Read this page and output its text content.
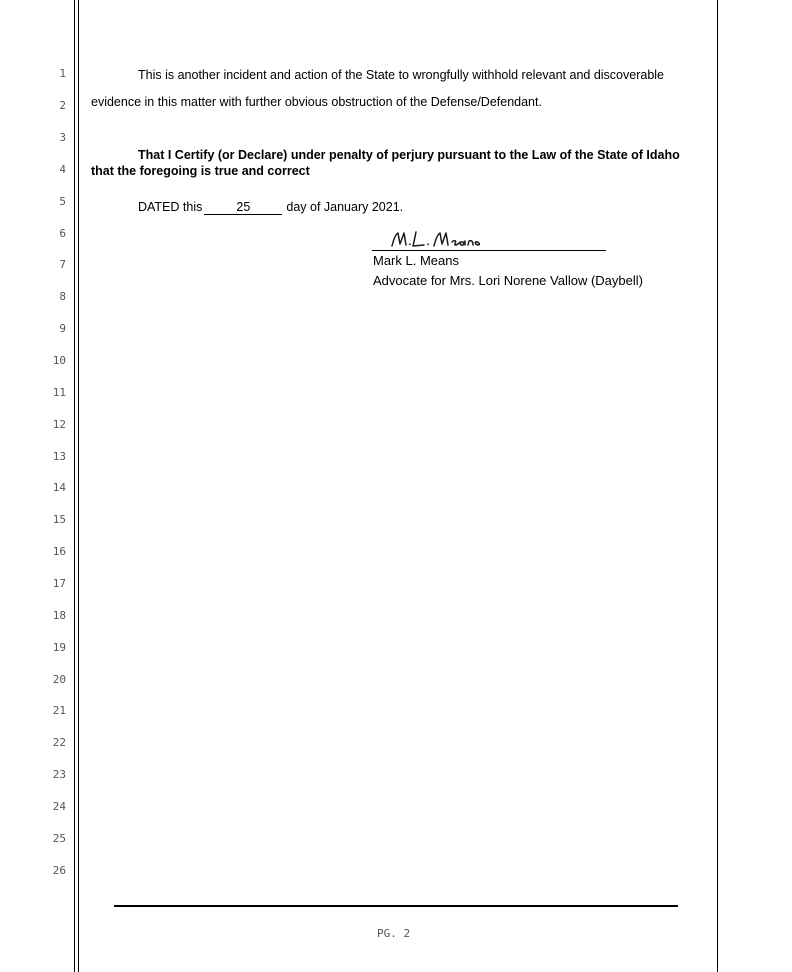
1
2
3
4
5
6
7
8
9
10
11
12
13
14
15
16
17
18
19
20
21
22
23
24
25
26
This is another incident and action of the State to wrongfully withhold relevant and discoverable
evidence in this matter with further obvious obstruction of the Defense/Defendant.
That I Certify (or Declare) under penalty of perjury pursuant to the Law of the State of Idaho
that the foregoing is true and correct
DATED this	25	day of January 2021.
Mark L. Means
Advocate for Mrs. Lori Norene Vallow (Daybell)
PG. 2
